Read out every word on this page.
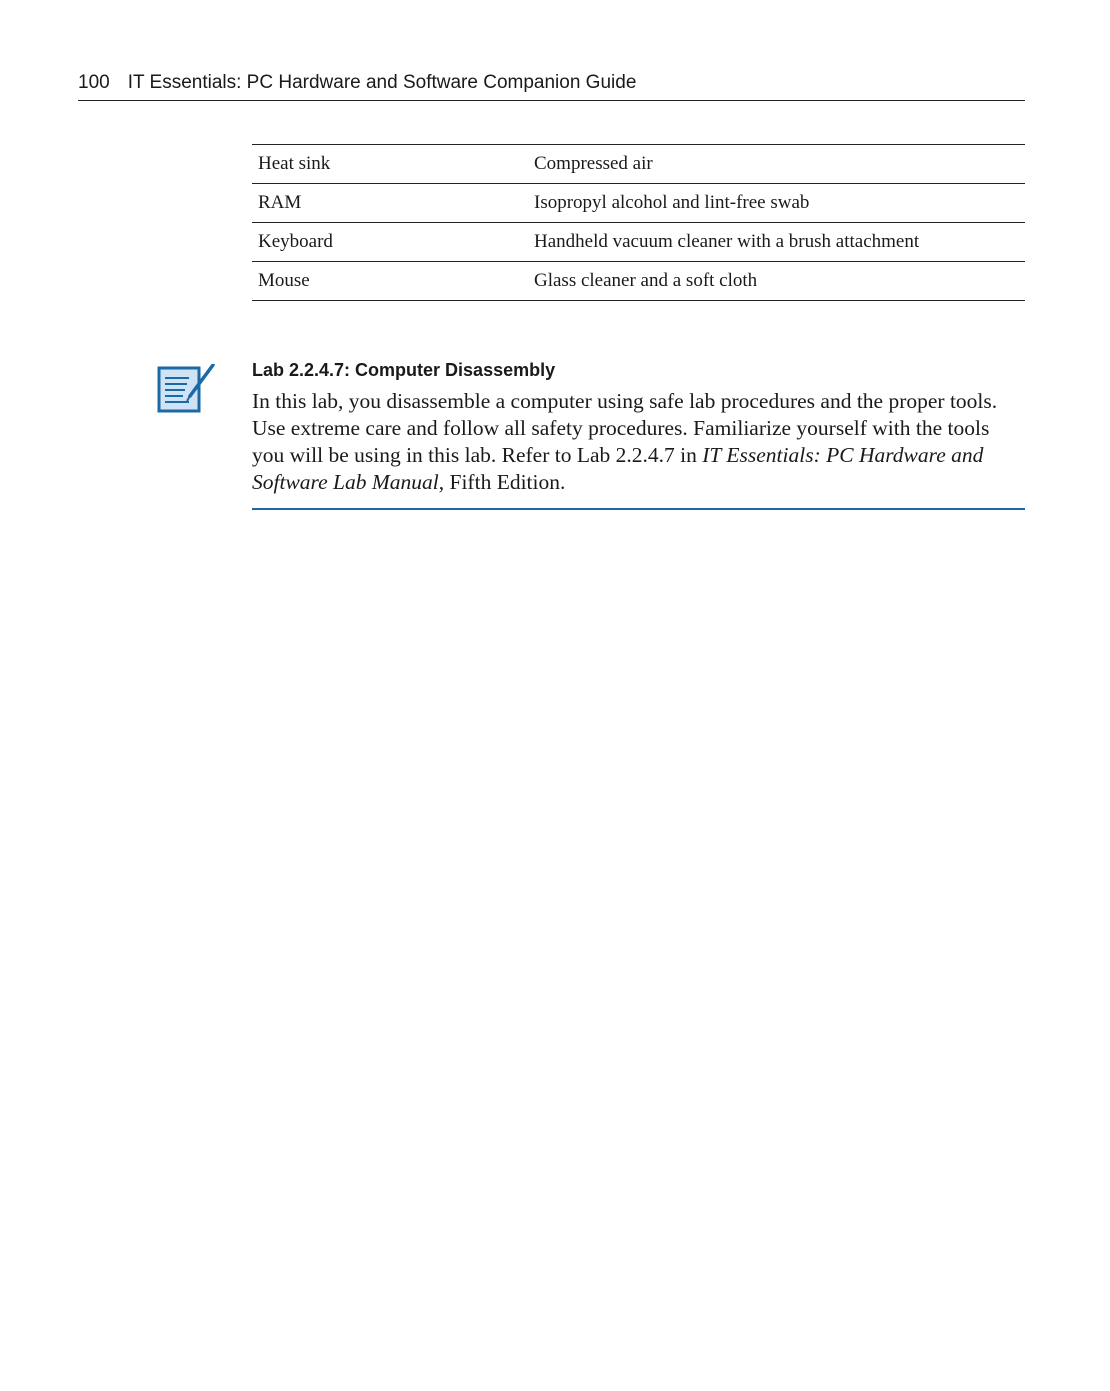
100 IT Essentials: PC Hardware and Software Companion Guide
Heat sink	Compressed air
RAM	Isopropyl alcohol and lint-free swab
Keyboard	Handheld vacuum cleaner with a brush attachment
Mouse	Glass cleaner and a soft cloth
Lab 2.2.4.7: Computer Disassembly

In this lab, you disassemble a computer using safe lab procedures and the proper tools. Use extreme care and follow all safety procedures. Familiarize yourself with the tools you will be using in this lab. Refer to Lab 2.2.4.7 in IT Essentials: PC Hardware and Software Lab Manual, Fifth Edition.
